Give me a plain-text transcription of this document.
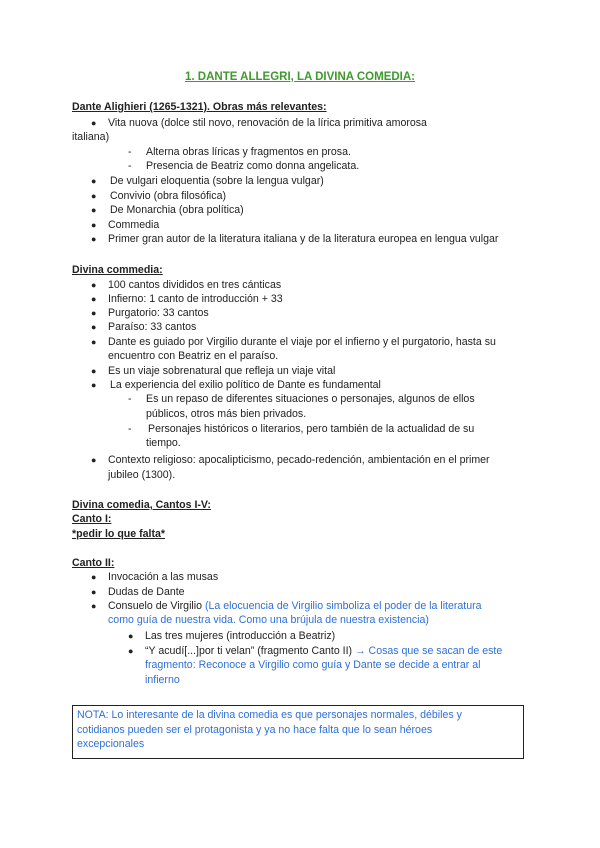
1. DANTE ALLEGRI, LA DIVINA COMEDIA:
Dante Alighieri (1265-1321). Obras más relevantes:
● Vita nuova (dolce stil novo, renovación de la lírica primitiva amorosa
italiana)
- Alterna obras líricas y fragmentos en prosa.
- Presencia de Beatriz como donna angelicata.
● De vulgari eloquentia (sobre la lengua vulgar)
● Convivio (obra filosófica)
● De Monarchia (obra política)
● Commedia
● Primer gran autor de la literatura italiana y de la literatura europea en lengua vulgar
Divina commedia:
● 100 cantos divididos en tres cánticas
● Infierno: 1 canto de introducción + 33
● Purgatorio: 33 cantos
● Paraíso: 33 cantos
● Dante es guiado por Virgilio durante el viaje por el infierno y el purgatorio, hasta su
encuentro con Beatriz en el paraíso.
● Es un viaje sobrenatural que refleja un viaje vital
● La experiencia del exilio político de Dante es fundamental
- Es un repaso de diferentes situaciones o personajes, algunos de ellos
públicos, otros más bien privados.
- Personajes históricos o literarios, pero también de la actualidad de su
tiempo.
● Contexto religioso: apocalipticismo, pecado-redención, ambientación en el primer
jubileo (1300).
Divina comedia, Cantos I-V:
Canto I:
*pedir lo que falta*
Canto II:
● Invocación a las musas
● Dudas de Dante
● Consuelo de Virgilio (La elocuencia de Virgilio simboliza el poder de la literatura
como guía de nuestra vida. Como una brújula de nuestra existencia)
● Las tres mujeres (introducción a Beatriz)
● “Y acudí[...]por ti velan” (fragmento Canto II) → Cosas que se sacan de este
fragmento: Reconoce a Virgilio como guía y Dante se decide a entrar al
infierno
NOTA: Lo interesante de la divina comedia es que personajes normales, débiles y
cotidianos pueden ser el protagonista y ya no hace falta que lo sean héroes
excepcionales
